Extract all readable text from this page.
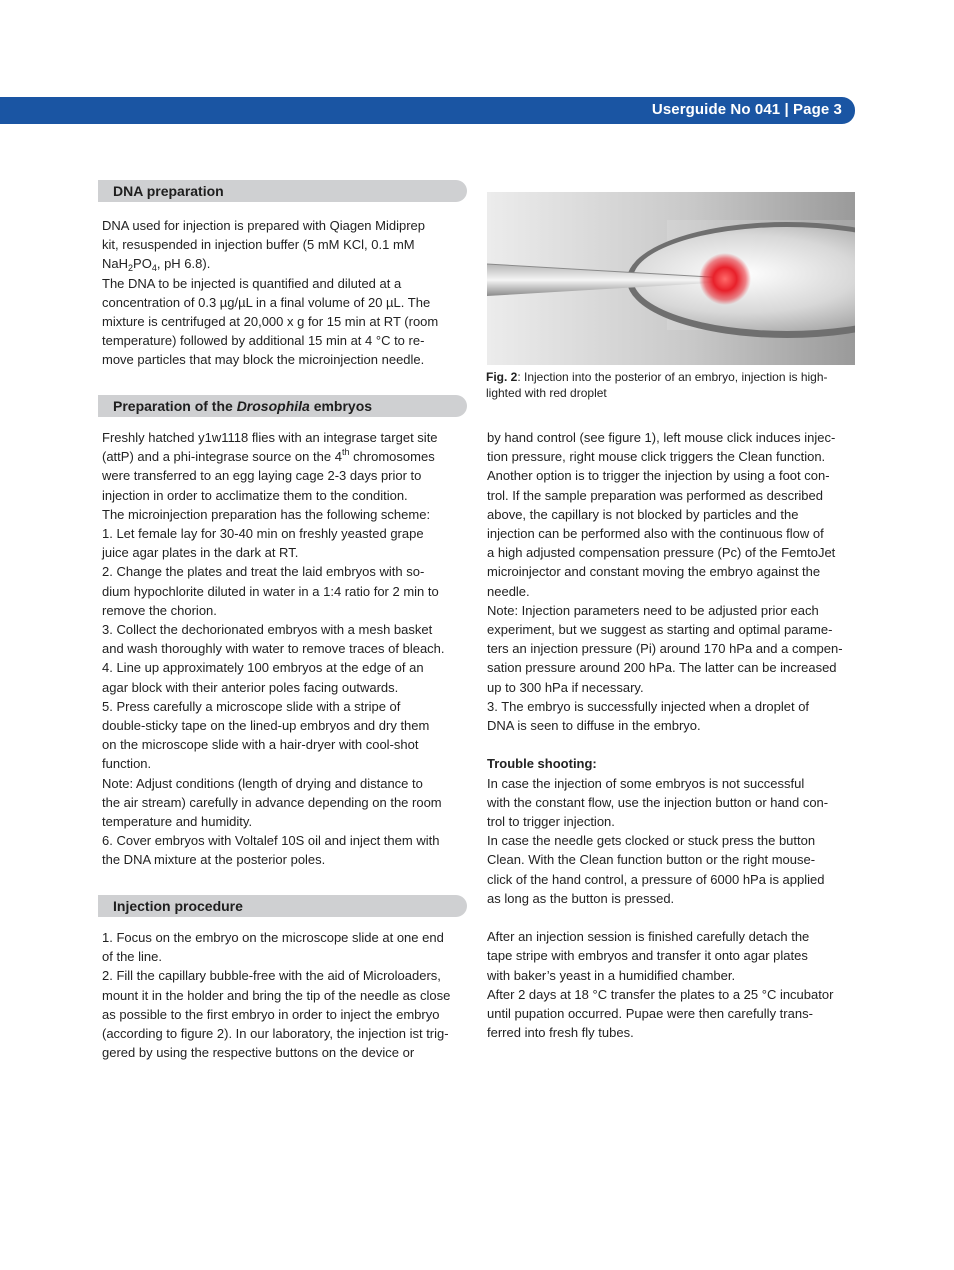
Userguide No 041 | Page 3
DNA preparation

DNA used for injection is prepared with Qiagen Midiprep

kit, resuspended in injection buffer (5 mM KCl, 0.1 mM

$NaH_2PO_4$, pH 6.8).

The DNA to be injected is quantified and diluted at a

concentration of 0.3 µg/µL in a final volume of 20 µL. The

mixture is centrifuged at 20,000 x g for 15 min at RT (room

temperature) followed by additional 15 min at 4 °C to re-

move particles that may block the microinjection needle.

Preparation of the Drosophila embryos

Freshly hatched y1w1118 flies with an integrase target site

(attP) and a phi-integrase source on the 4th chromosomes

were transferred to an egg laying cage 2-3 days prior to

injection in order to acclimatize them to the condition.

The microinjection preparation has the following scheme:

1. Let female lay for 30-40 min on freshly yeasted grape

juice agar plates in the dark at RT.

2. Change the plates and treat the laid embryos with so-

dium hypochlorite diluted in water in a 1:4 ratio for 2 min to

remove the chorion.

3. Collect the dechorionated embryos with a mesh basket

and wash thoroughly with water to remove traces of bleach.

4. Line up approximately 100 embryos at the edge of an

agar block with their anterior poles facing outwards.

5. Press carefully a microscope slide with a stripe of

double-sticky tape on the lined-up embryos and dry them

on the microscope slide with a hair-dryer with cool-shot

function.

Note: Adjust conditions (length of drying and distance to

the air stream) carefully in advance depending on the room

temperature and humidity.

6. Cover embryos with Voltalef 10S oil and inject them with

the DNA mixture at the posterior poles.

Injection procedure

1. Focus on the embryo on the microscope slide at one end

of the line.

2. Fill the capillary bubble-free with the aid of Microloaders,

mount it in the holder and bring the tip of the needle as close

as possible to the first embryo in order to inject the embryo

(according to figure 2). In our laboratory, the injection ist trig-

gered by using the respective buttons on the device or

Fig. 2: Injection into the posterior of an embryo, injection is high-
lighted with red droplet

by hand control (see figure 1), left mouse click induces injec-

tion pressure, right mouse click triggers the Clean function.

Another option is to trigger the injection by using a foot con-

trol. If the sample preparation was performed as described

above, the capillary is not blocked by particles and the

injection can be performed also with the continuous flow of

a high adjusted compensation pressure (Pc) of the FemtoJet

microinjector and constant moving the embryo against the

needle.

Note: Injection parameters need to be adjusted prior each

experiment, but we suggest as starting and optimal parame-

ters an injection pressure (Pi) around 170 hPa and a compen-

sation pressure around 200 hPa. The latter can be increased

up to 300 hPa if necessary.

3. The embryo is successfully injected when a droplet of

DNA is seen to diffuse in the embryo.

Trouble shooting:

In case the injection of some embryos is not successful

with the constant flow, use the injection button or hand con-

trol to trigger injection.

In case the needle gets clocked or stuck press the button

Clean. With the Clean function button or the right mouse-

click of the hand control, a pressure of 6000 hPa is applied

as long as the button is pressed.

After an injection session is finished carefully detach the

tape stripe with embryos and transfer it onto agar plates

with baker’s yeast in a humidified chamber.

After 2 days at 18 °C transfer the plates to a 25 °C incubator

until pupation occurred. Pupae were then carefully trans-

ferred into fresh fly tubes.
